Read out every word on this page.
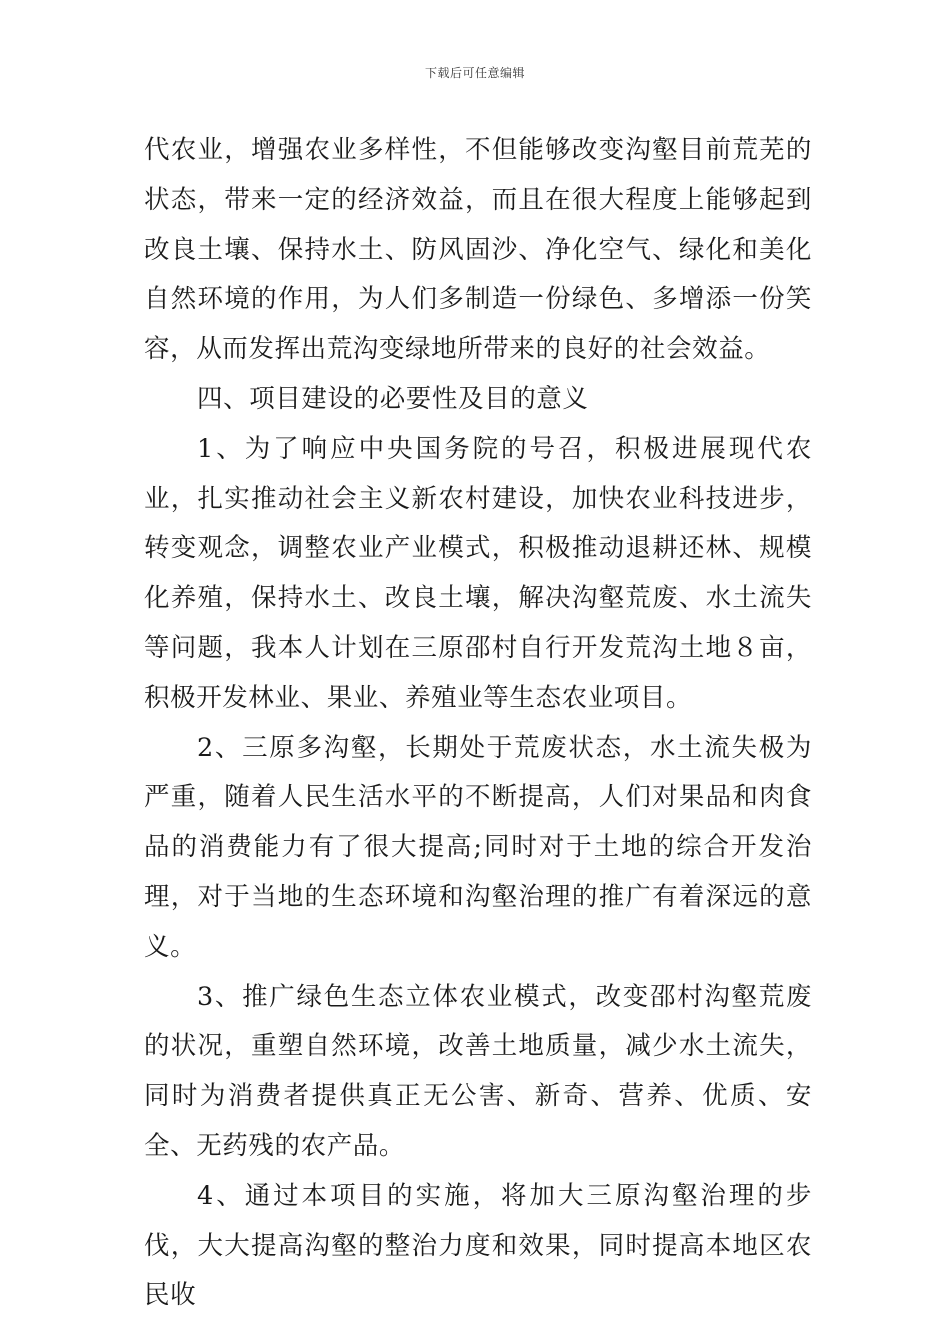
下载后可任意编辑

代农业，增强农业多样性，不但能够改变沟壑目前荒芜的状态，带来一定的经济效益，而且在很大程度上能够起到改良土壤、保持水土、防风固沙、净化空气、绿化和美化自然环境的作用，为人们多制造一份绿色、多增添一份笑容，从而发挥出荒沟变绿地所带来的良好的社会效益。

四、项目建设的必要性及目的意义

1、为了响应中央国务院的号召，积极进展现代农业，扎实推动社会主义新农村建设，加快农业科技进步，转变观念，调整农业产业模式，积极推动退耕还林、规模化养殖，保持水土、改良土壤，解决沟壑荒废、水土流失等问题，我本人计划在三原邵村自行开发荒沟土地８亩，积极开发林业、果业、养殖业等生态农业项目。

2、三原多沟壑，长期处于荒废状态，水土流失极为严重，随着人民生活水平的不断提高，人们对果品和肉食品的消费能力有了很大提高;同时对于土地的综合开发治理，对于当地的生态环境和沟壑治理的推广有着深远的意义。

3、推广绿色生态立体农业模式，改变邵村沟壑荒废的状况，重塑自然环境，改善土地质量，减少水土流失，同时为消费者提供真正无公害、新奇、营养、优质、安全、无药残的农产品。

4、通过本项目的实施，将加大三原沟壑治理的步伐，大大提高沟壑的整治力度和效果，同时提高本地区农民收
